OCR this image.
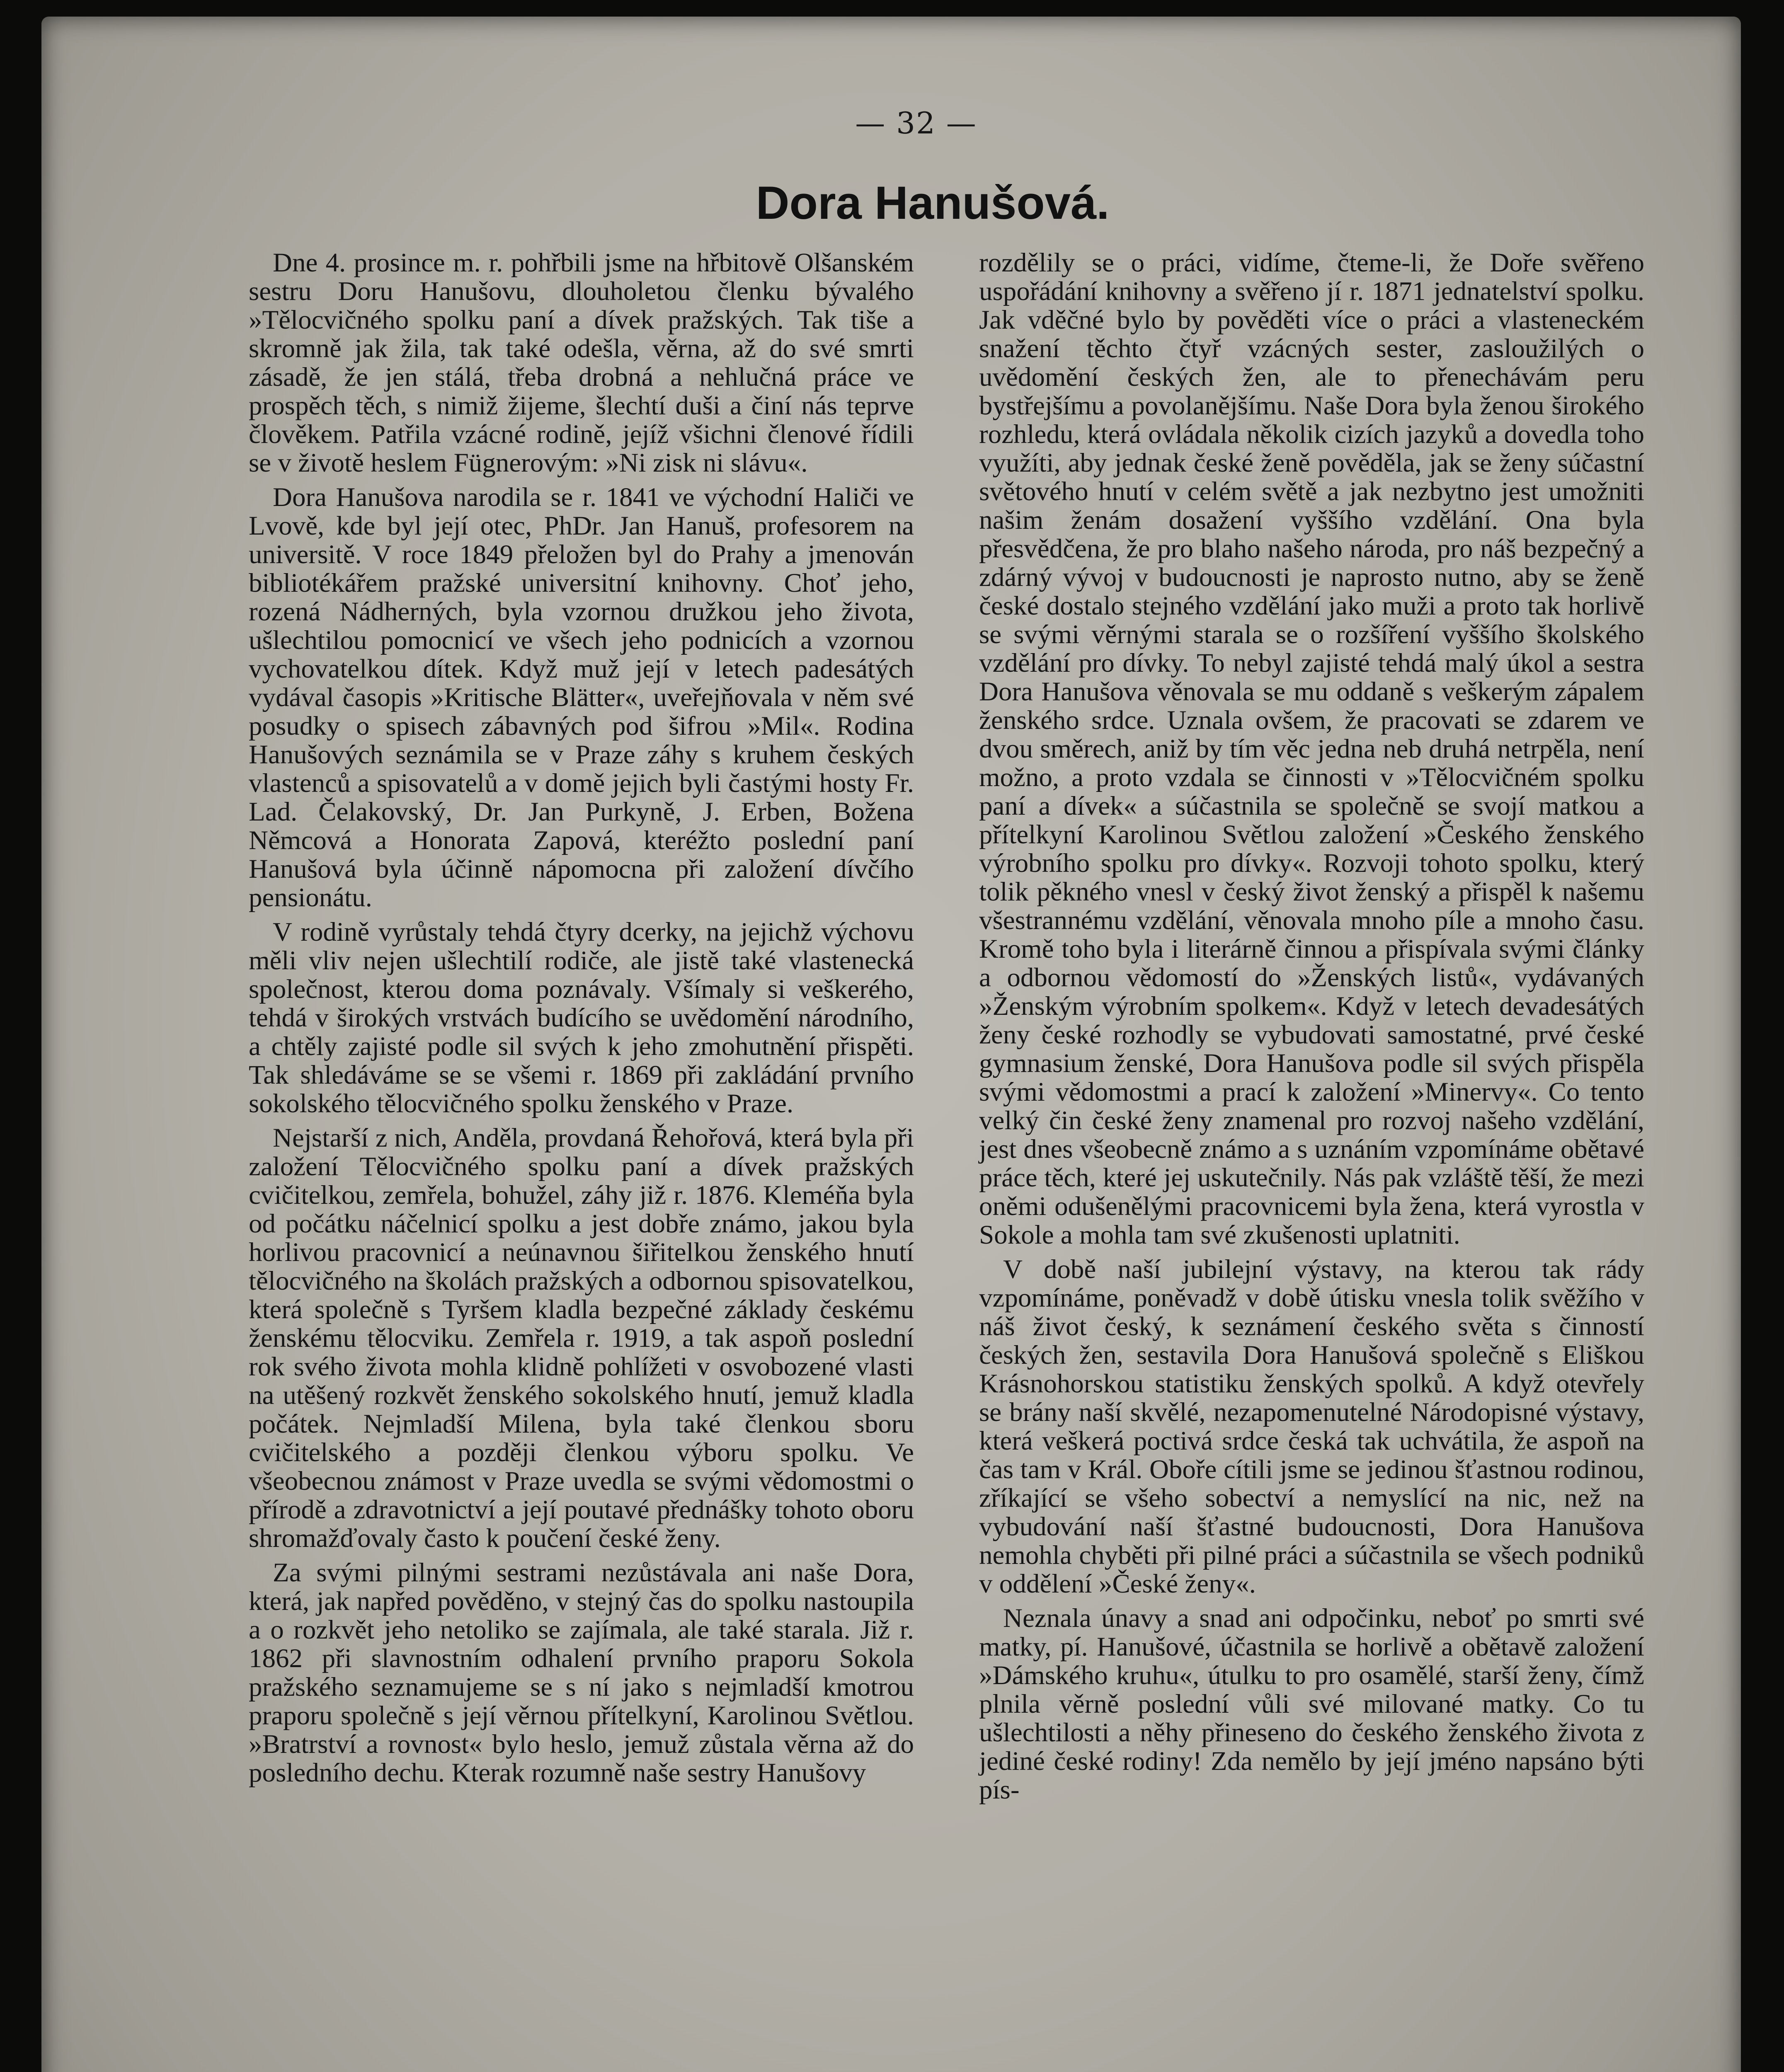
— 32 —
Dora Hanušová.

Dne 4. prosince m. r. pohřbili jsme na hřbitově Olšanském sestru Doru Hanušovu, dlouholetou členku bývalého »Tělocvičného spolku paní a dívek pražských. Tak tiše a skromně jak žila, tak také odešla, věrna, až do své smrti zásadě, že jen stálá, třeba drobná a nehlučná práce ve prospěch těch, s nimiž žijeme, šlechtí duši a činí nás teprve člověkem. Patřila vzácné rodině, jejíž všichni členové řídili se v životě heslem Fügnerovým: »Ni zisk ni slávu«.

Dora Hanušova narodila se r. 1841 ve východní Haliči ve Lvově, kde byl její otec, PhDr. Jan Hanuš, profesorem na universitě. V roce 1849 přeložen byl do Prahy a jmenován bibliotékářem pražské universitní knihovny. Choť jeho, rozená Nádherných, byla vzornou družkou jeho života, ušlechtilou pomocnicí ve všech jeho podnicích a vzornou vychovatelkou dítek. Když muž její v letech padesátých vydával časopis »Kritische Blätter«, uveřejňovala v něm své posudky o spisech zábavných pod šifrou »Mil«. Rodina Hanušových seznámila se v Praze záhy s kruhem českých vlastenců a spisovatelů a v domě jejich byli častými hosty Fr. Lad. Čelakovský, Dr. Jan Purkyně, J. Erben, Božena Němcová a Honorata Zapová, kteréžto poslední paní Hanušová byla účinně nápomocna při založení dívčího pensionátu.

V rodině vyrůstaly tehdá čtyry dcerky, na jejichž výchovu měli vliv nejen ušlechtilí rodiče, ale jistě také vlastenecká společnost, kterou doma poznávaly. Všímaly si veškerého, tehdá v širokých vrstvách budícího se uvědomění národního, a chtěly zajisté podle sil svých k jeho zmohutnění přispěti. Tak shledáváme se se všemi r. 1869 při zakládání prvního sokolského tělocvičného spolku ženského v Praze.

Nejstarší z nich, Anděla, provdaná Řehořová, která byla při založení Tělocvičného spolku paní a dívek pražských cvičitelkou, zemřela, bohužel, záhy již r. 1876. Kleméňa byla od počátku náčelnicí spolku a jest dobře známo, jakou byla horlivou pracovnicí a neúnavnou šiřitelkou ženského hnutí tělocvičného na školách pražských a odbornou spisovatelkou, která společně s Tyršem kladla bezpečné základy českému ženskému tělocviku. Zemřela r. 1919, a tak aspoň poslední rok svého života mohla klidně pohlížeti v osvobozené vlasti na utěšený rozkvět ženského sokolského hnutí, jemuž kladla počátek. Nejmladší Milena, byla také členkou sboru cvičitelského a později členkou výboru spolku. Ve všeobecnou známost v Praze uvedla se svými vědomostmi o přírodě a zdravotnictví a její poutavé přednášky tohoto oboru shromažďovaly často k poučení české ženy.

Za svými pilnými sestrami nezůstávala ani naše Dora, která, jak napřed pověděno, v stejný čas do spolku nastoupila a o rozkvět jeho netoliko se zajímala, ale také starala. Již r. 1862 při slavnostním odhalení prvního praporu Sokola pražského seznamujeme se s ní jako s nejmladší kmotrou praporu společně s její věrnou přítelkyní, Karolinou Světlou. »Bratrství a rovnost« bylo heslo, jemuž zůstala věrna až do posledního dechu. Kterak rozumně naše sestry Hanušovy

rozdělily se o práci, vidíme, čteme-li, že Doře svěřeno uspořádání knihovny a svěřeno jí r. 1871 jednatelství spolku. Jak vděčné bylo by pověděti více o práci a vlasteneckém snažení těchto čtyř vzácných sester, zasloužilých o uvědomění českých žen, ale to přenechávám peru bystřejšímu a povolanějšímu. Naše Dora byla ženou širokého rozhledu, která ovládala několik cizích jazyků a dovedla toho využíti, aby jednak české ženě pověděla, jak se ženy súčastní světového hnutí v celém světě a jak nezbytno jest umožniti našim ženám dosažení vyššího vzdělání. Ona byla přesvědčena, že pro blaho našeho národa, pro náš bezpečný a zdárný vývoj v budoucnosti je naprosto nutno, aby se ženě české dostalo stejného vzdělání jako muži a proto tak horlivě se svými věrnými starala se o rozšíření vyššího školského vzdělání pro dívky. To nebyl zajisté tehdá malý úkol a sestra Dora Hanušova věnovala se mu oddaně s veškerým zápalem ženského srdce. Uznala ovšem, že pracovati se zdarem ve dvou směrech, aniž by tím věc jedna neb druhá netrpěla, není možno, a proto vzdala se činnosti v »Tělocvičném spolku paní a dívek« a súčastnila se společně se svojí matkou a přítelkyní Karolinou Světlou založení »Českého ženského výrobního spolku pro dívky«. Rozvoji tohoto spolku, který tolik pěkného vnesl v český život ženský a přispěl k našemu všestrannému vzdělání, věnovala mnoho píle a mnoho času. Kromě toho byla i literárně činnou a přispívala svými články a odbornou vědomostí do »Ženských listů«, vydávaných »Ženským výrobním spolkem«. Když v letech devadesátých ženy české rozhodly se vybudovati samostatné, prvé české gymnasium ženské, Dora Hanušova podle sil svých přispěla svými vědomostmi a prací k založení »Minervy«. Co tento velký čin české ženy znamenal pro rozvoj našeho vzdělání, jest dnes všeobecně známo a s uznáním vzpomínáme obětavé práce těch, které jej uskutečnily. Nás pak vzláště těší, že mezi oněmi odušenělými pracovnicemi byla žena, která vyrostla v Sokole a mohla tam své zkušenosti uplatniti.

V době naší jubilejní výstavy, na kterou tak rády vzpomínáme, poněvadž v době útisku vnesla tolik svěžího v náš život český, k seznámení českého světa s činností českých žen, sestavila Dora Hanušová společně s Eliškou Krásnohorskou statistiku ženských spolků. A když otevřely se brány naší skvělé, nezapomenutelné Národopisné výstavy, která veškerá poctivá srdce česká tak uchvátila, že aspoň na čas tam v Král. Oboře cítili jsme se jedinou šťastnou rodinou, zříkající se všeho sobectví a nemyslící na nic, než na vybudování naší šťastné budoucnosti, Dora Hanušova nemohla chyběti při pilné práci a súčastnila se všech podniků v oddělení »České ženy«.

Neznala únavy a snad ani odpočinku, neboť po smrti své matky, pí. Hanušové, účastnila se horlivě a obětavě založení »Dámského kruhu«, útulku to pro osamělé, starší ženy, čímž plnila věrně poslední vůli své milované matky. Co tu ušlechtilosti a něhy přineseno do českého ženského života z jediné české rodiny! Zda nemělo by její jméno napsáno býti pís-
